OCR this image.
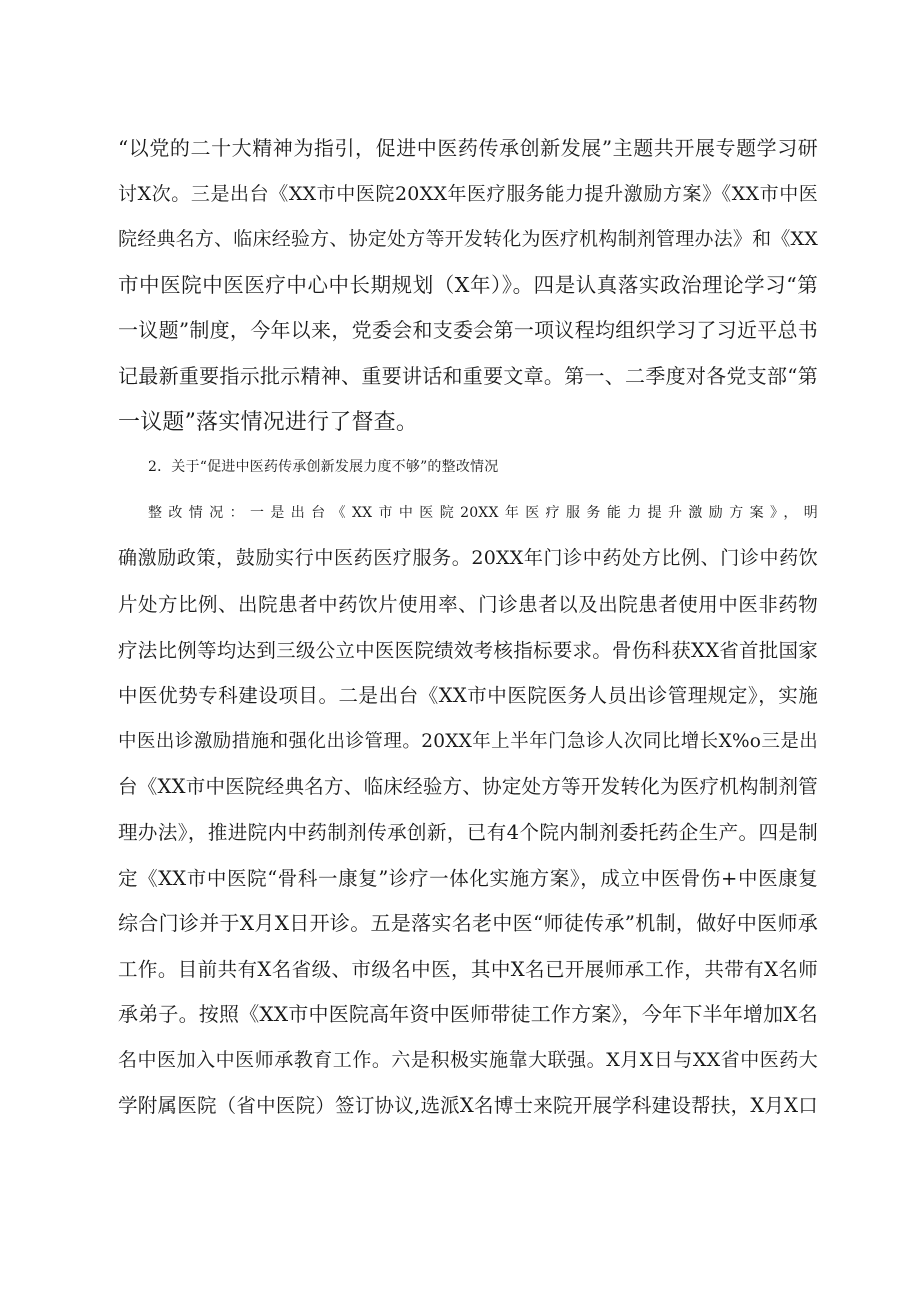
“以党的二十大精神为指引，促进中医药传承创新发展”主题共开展专题学习研
讨X次。三是出台《XX市中医院20XX年医疗服务能力提升激励方案》《XX市中医
院经典名方、临床经验方、协定处方等开发转化为医疗机构制剂管理办法》和《XX
市中医院中医医疗中心中长期规划（X年）》。四是认真落实政治理论学习“第
一议题”制度，今年以来，党委会和支委会第一项议程均组织学习了习近平总书
记最新重要指示批示精神、重要讲话和重要文章。第一、二季度对各党支部“第
一议题”落实情况进行了督查。
2．关于“促进中医药传承创新发展力度不够”的整改情况
整改情况：一是出台《XX市中医院20XX年医疗服务能力提升激励方案》，明
确激励政策，鼓励实行中医药医疗服务。20XX年门诊中药处方比例、门诊中药饮
片处方比例、出院患者中药饮片使用率、门诊患者以及出院患者使用中医非药物
疗法比例等均达到三级公立中医医院绩效考核指标要求。骨伤科获XX省首批国家
中医优势专科建设项目。二是出台《XX市中医院医务人员出诊管理规定》，实施
中医出诊激励措施和强化出诊管理。20XX年上半年门急诊人次同比增长X%o三是出
台《XX市中医院经典名方、临床经验方、协定处方等开发转化为医疗机构制剂管
理办法》，推进院内中药制剂传承创新，已有4个院内制剂委托药企生产。四是制
定《XX市中医院“骨科一康复”诊疗一体化实施方案》，成立中医骨伤+中医康复
综合门诊并于X月X日开诊。五是落实名老中医“师徒传承”机制，做好中医师承
工作。目前共有X名省级、市级名中医，其中X名已开展师承工作，共带有X名师
承弟子。按照《XX市中医院高年资中医师带徒工作方案》，今年下半年增加X名
名中医加入中医师承教育工作。六是积极实施靠大联强。X月X日与XX省中医药大
学附属医院（省中医院）签订协议,选派X名博士来院开展学科建设帮扶，X月X口
